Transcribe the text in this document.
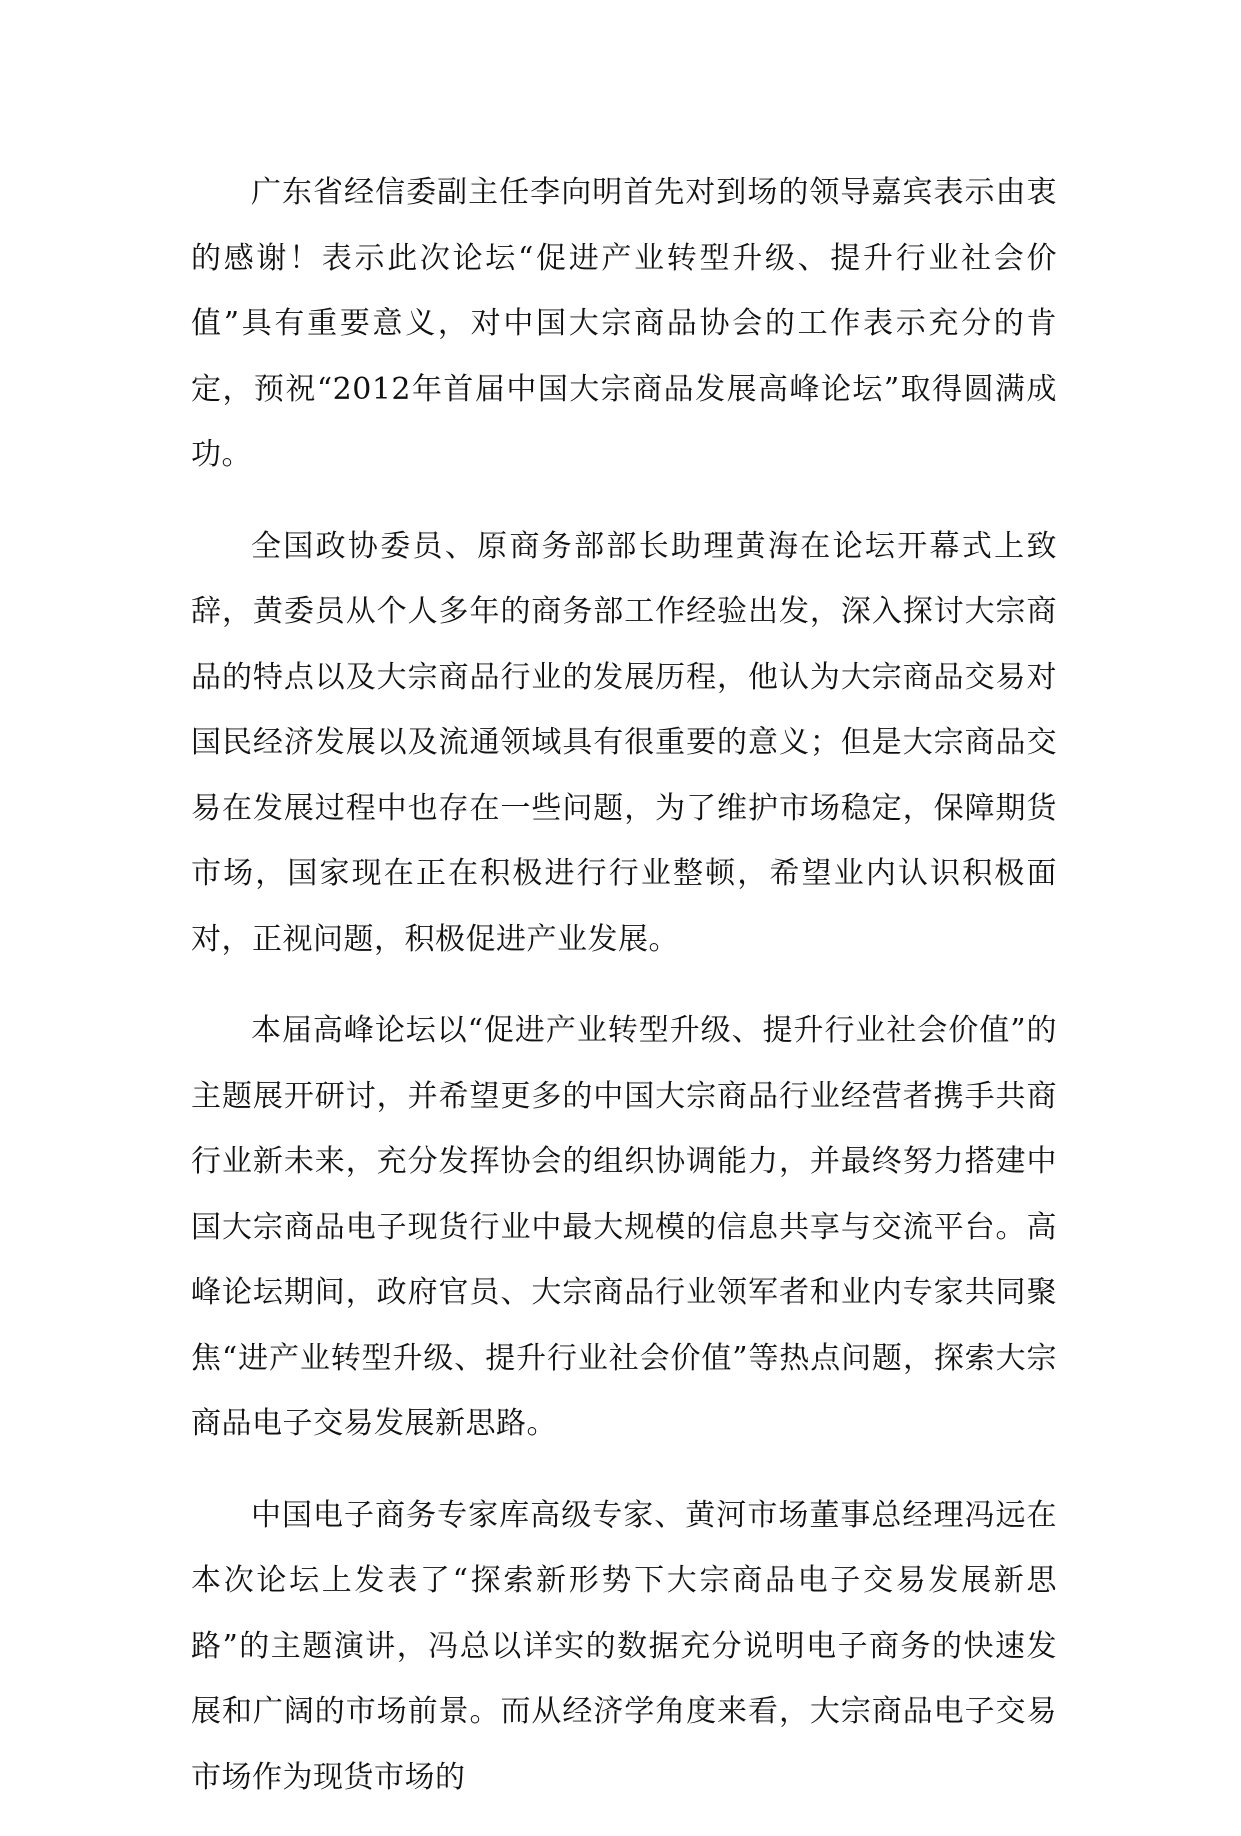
广东省经信委副主任李向明首先对到场的领导嘉宾表示由衷的感谢！表示此次论坛“促进产业转型升级、提升行业社会价值”具有重要意义，对中国大宗商品协会的工作表示充分的肯定，预祝“2012年首届中国大宗商品发展高峰论坛”取得圆满成功。

全国政协委员、原商务部部长助理黄海在论坛开幕式上致辞，黄委员从个人多年的商务部工作经验出发，深入探讨大宗商品的特点以及大宗商品行业的发展历程，他认为大宗商品交易对国民经济发展以及流通领域具有很重要的意义；但是大宗商品交易在发展过程中也存在一些问题，为了维护市场稳定，保障期货市场，国家现在正在积极进行行业整顿，希望业内认识积极面对，正视问题，积极促进产业发展。

本届高峰论坛以“促进产业转型升级、提升行业社会价值”的主题展开研讨，并希望更多的中国大宗商品行业经营者携手共商行业新未来，充分发挥协会的组织协调能力，并最终努力搭建中国大宗商品电子现货行业中最大规模的信息共享与交流平台。高峰论坛期间，政府官员、大宗商品行业领军者和业内专家共同聚焦“进产业转型升级、提升行业社会价值”等热点问题，探索大宗商品电子交易发展新思路。

中国电子商务专家库高级专家、黄河市场董事总经理冯远在本次论坛上发表了“探索新形势下大宗商品电子交易发展新思路”的主题演讲，冯总以详实的数据充分说明电子商务的快速发展和广阔的市场前景。而从经济学角度来看，大宗商品电子交易市场作为现货市场的
